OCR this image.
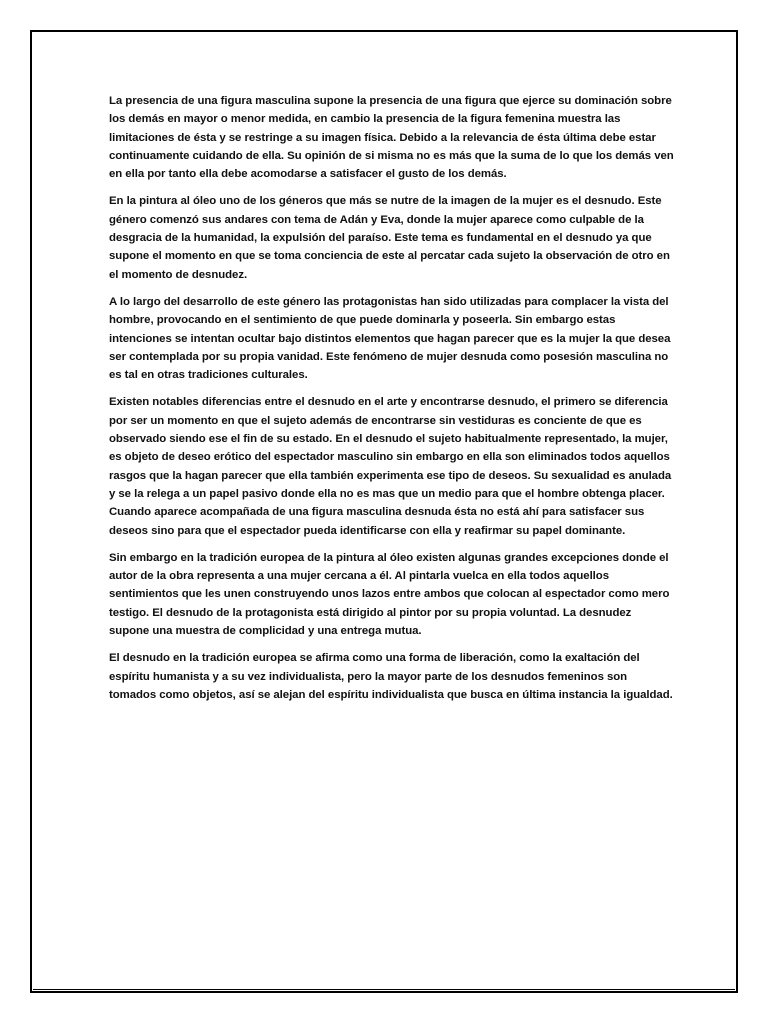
La presencia de una figura masculina supone la presencia de una figura que ejerce su dominación sobre los demás en mayor o menor medida, en cambio la presencia de la figura femenina muestra las limitaciones de ésta y se restringe a su imagen física. Debido a la relevancia de ésta última debe estar continuamente cuidando de ella. Su opinión de si misma no es más que la suma de lo que los demás ven en ella por tanto ella debe acomodarse a satisfacer el gusto de los demás.

En la pintura al óleo uno de los géneros que más se nutre de la imagen de la mujer es el desnudo. Este género comenzó sus andares con tema de Adán y Eva, donde la mujer aparece como culpable de la desgracia de la humanidad, la expulsión del paraíso. Este tema es fundamental en el desnudo ya que supone el momento en que se toma conciencia de este al percatar cada sujeto la observación de otro en el momento de desnudez.

A lo largo del desarrollo de este género las protagonistas han sido utilizadas para complacer la vista del hombre, provocando en el sentimiento de que puede dominarla y poseerla. Sin embargo estas intenciones se intentan ocultar bajo distintos elementos que hagan parecer que es la mujer la que desea ser contemplada por su propia vanidad. Este fenómeno de mujer desnuda como posesión masculina no es tal en otras tradiciones culturales.

Existen notables diferencias entre el desnudo en el arte y encontrarse desnudo, el primero se diferencia por ser un momento en que el sujeto además de encontrarse sin vestiduras es conciente de que es observado siendo ese el fin de su estado. En el desnudo el sujeto habitualmente representado, la mujer, es objeto de deseo erótico del espectador masculino sin embargo en ella son eliminados todos aquellos rasgos que la hagan parecer que ella también experimenta ese tipo de deseos. Su sexualidad es anulada y se la relega a un papel pasivo donde ella no es mas que un medio para que el hombre obtenga placer. Cuando aparece acompañada de una figura masculina desnuda ésta no está ahí para satisfacer sus deseos sino para que el espectador pueda identificarse con ella y reafirmar su papel dominante.

Sin embargo en la tradición europea de la pintura al óleo existen algunas grandes excepciones donde el autor de la obra representa a una mujer cercana a él. Al pintarla vuelca en ella todos aquellos sentimientos que les unen construyendo unos lazos entre ambos que colocan al espectador como mero testigo. El desnudo de la protagonista está dirigido al pintor por su propia voluntad. La desnudez supone una muestra de complicidad y una entrega mutua.

El desnudo en la tradición europea se afirma como una forma de liberación, como la exaltación del espíritu humanista y a su vez individualista, pero la mayor parte de los desnudos femeninos son tomados como objetos, así se alejan del espíritu individualista que busca en última instancia la igualdad.
